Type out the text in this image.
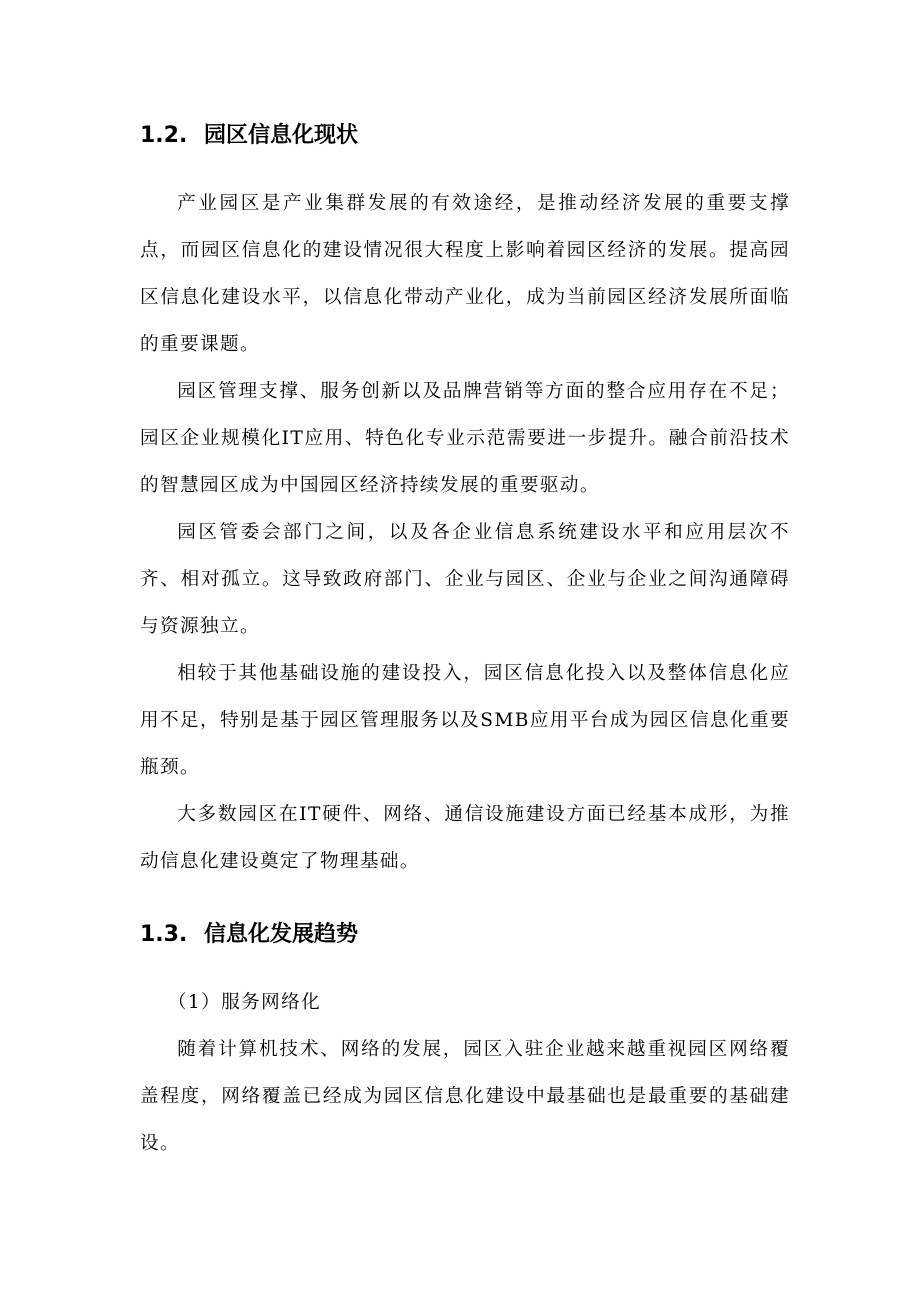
1.2. 园区信息化现状

产业园区是产业集群发展的有效途经，是推动经济发展的重要支撑点，而园区信息化的建设情况很大程度上影响着园区经济的发展。提高园区信息化建设水平，以信息化带动产业化，成为当前园区经济发展所面临的重要课题。

园区管理支撑、服务创新以及品牌营销等方面的整合应用存在不足；园区企业规模化IT应用、特色化专业示范需要进一步提升。融合前沿技术的智慧园区成为中国园区经济持续发展的重要驱动。

园区管委会部门之间，以及各企业信息系统建设水平和应用层次不齐、相对孤立。这导致政府部门、企业与园区、企业与企业之间沟通障碍与资源独立。

相较于其他基础设施的建设投入，园区信息化投入以及整体信息化应用不足，特别是基于园区管理服务以及SMB应用平台成为园区信息化重要瓶颈。

大多数园区在IT硬件、网络、通信设施建设方面已经基本成形，为推动信息化建设奠定了物理基础。

1.3. 信息化发展趋势

（1）服务网络化

随着计算机技术、网络的发展，园区入驻企业越来越重视园区网络覆盖程度，网络覆盖已经成为园区信息化建设中最基础也是最重要的基础建设。
